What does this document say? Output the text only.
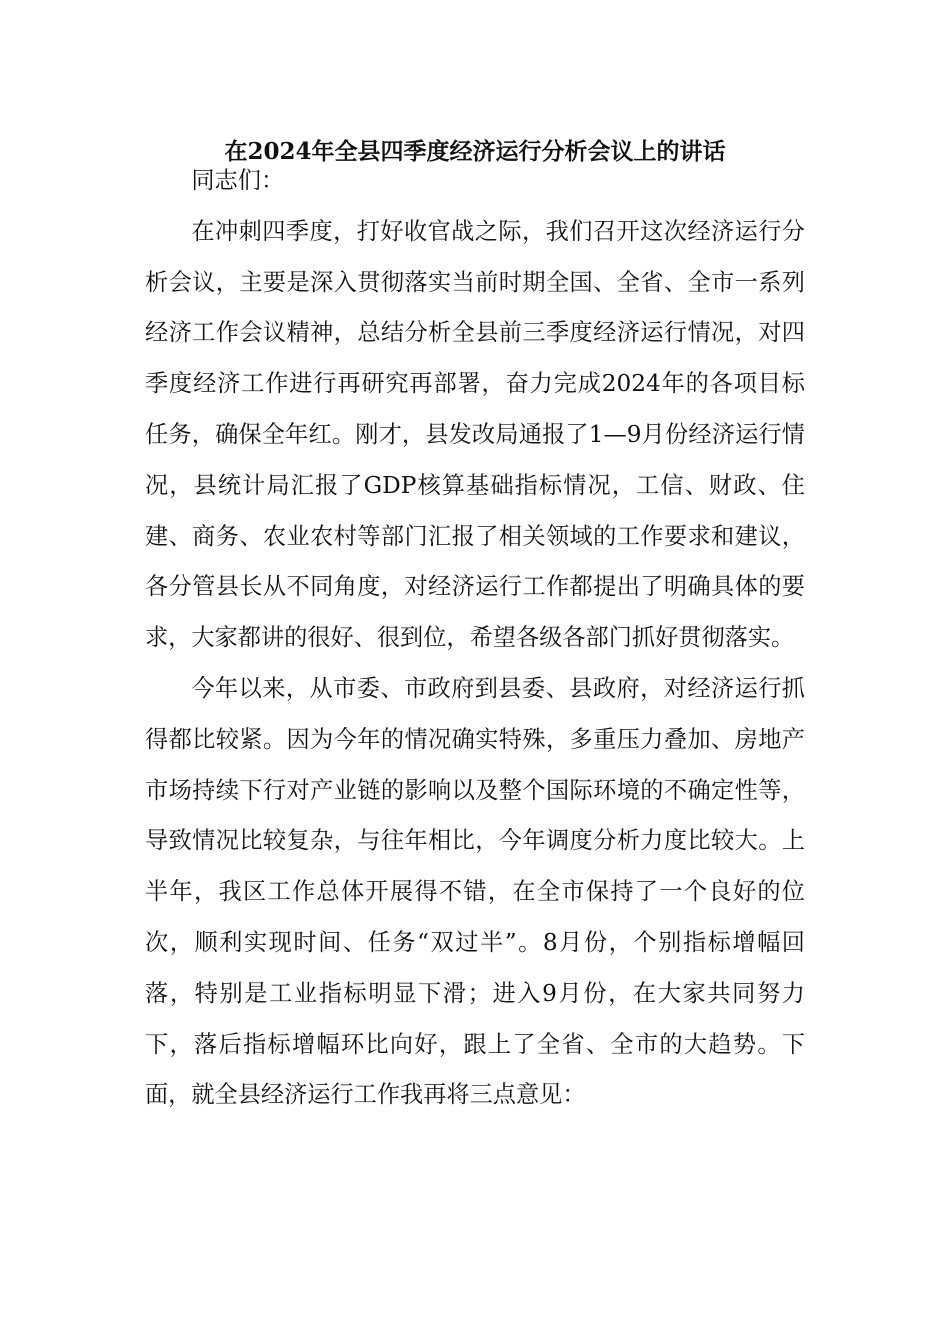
在2024年全县四季度经济运行分析会议上的讲话

同志们：

在冲刺四季度，打好收官战之际，我们召开这次经济运行分析会议，主要是深入贯彻落实当前时期全国、全省、全市一系列经济工作会议精神，总结分析全县前三季度经济运行情况，对四季度经济工作进行再研究再部署，奋力完成2024年的各项目标任务，确保全年红。刚才，县发改局通报了1—9月份经济运行情况，县统计局汇报了GDP核算基础指标情况，工信、财政、住建、商务、农业农村等部门汇报了相关领域的工作要求和建议，各分管县长从不同角度，对经济运行工作都提出了明确具体的要求，大家都讲的很好、很到位，希望各级各部门抓好贯彻落实。

今年以来，从市委、市政府到县委、县政府，对经济运行抓得都比较紧。因为今年的情况确实特殊，多重压力叠加、房地产市场持续下行对产业链的影响以及整个国际环境的不确定性等，导致情况比较复杂，与往年相比，今年调度分析力度比较大。上半年，我区工作总体开展得不错，在全市保持了一个良好的位次，顺利实现时间、任务“双过半”。8月份，个别指标增幅回落，特别是工业指标明显下滑；进入9月份，在大家共同努力下，落后指标增幅环比向好，跟上了全省、全市的大趋势。下面，就全县经济运行工作我再将三点意见：
